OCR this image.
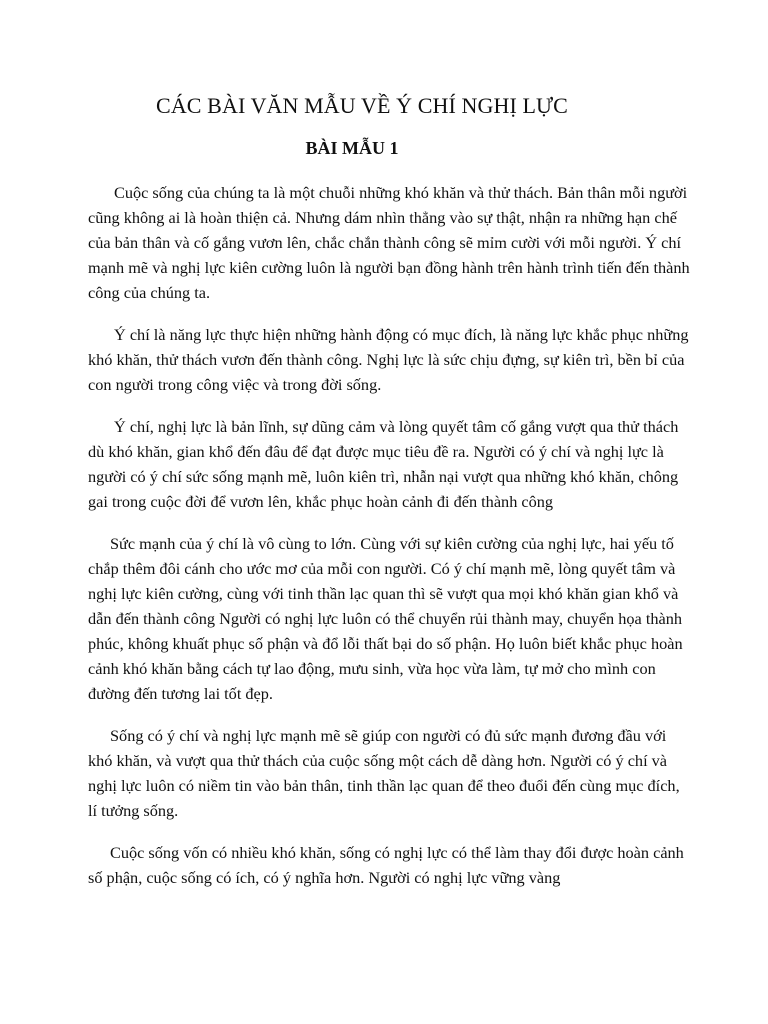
CÁC BÀI VĂN MẪU VỀ Ý CHÍ NGHỊ LỰC
BÀI MẪU 1

Cuộc sống của chúng ta là một chuỗi những khó khăn và thử thách. Bản thân mỗi người cũng không ai là hoàn thiện cả. Nhưng dám nhìn thẳng vào sự thật, nhận ra những hạn chế của bản thân và cố gắng vươn lên, chắc chắn thành công sẽ mỉm cười với mỗi người. Ý chí mạnh mẽ và nghị lực kiên cường luôn là người bạn đồng hành trên hành trình tiến đến thành công của chúng ta.

Ý chí là năng lực thực hiện những hành động có mục đích, là năng lực khắc phục những khó khăn, thử thách vươn đến thành công. Nghị lực là sức chịu đựng, sự kiên trì, bền bỉ của con người trong công việc và trong đời sống.

Ý chí, nghị lực là bản lĩnh, sự dũng cảm và lòng quyết tâm cố gắng vượt qua thử thách dù khó khăn, gian khổ đến đâu để đạt được mục tiêu đề ra. Người có ý chí và nghị lực là người có ý chí sức sống mạnh mẽ, luôn kiên trì, nhẫn nại vượt qua những khó khăn, chông gai trong cuộc đời để vươn lên, khắc phục hoàn cảnh đi đến thành công

Sức mạnh của ý chí là vô cùng to lớn. Cùng với sự kiên cường của nghị lực, hai yếu tố chắp thêm đôi cánh cho ước mơ của mỗi con người. Có ý chí mạnh mẽ, lòng quyết tâm và nghị lực kiên cường, cùng với tinh thần lạc quan thì sẽ vượt qua mọi khó khăn gian khổ và dẫn đến thành công Người có nghị lực luôn có thể chuyển rủi thành may, chuyển họa thành phúc, không khuất phục số phận và đổ lỗi thất bại do số phận. Họ luôn biết khắc phục hoàn cảnh khó khăn bằng cách tự lao động, mưu sinh, vừa học vừa làm, tự mở cho mình con đường đến tương lai tốt đẹp.

Sống có ý chí và nghị lực mạnh mẽ sẽ giúp con người có đủ sức mạnh đương đầu với khó khăn, và vượt qua thử thách của cuộc sống một cách dễ dàng hơn. Người có ý chí và nghị lực luôn có niềm tin vào bản thân, tinh thần lạc quan để theo đuổi đến cùng mục đích, lí tưởng sống.

Cuộc sống vốn có nhiều khó khăn, sống có nghị lực có thể làm thay đổi được hoàn cảnh số phận, cuộc sống có ích, có ý nghĩa hơn. Người có nghị lực vững vàng
